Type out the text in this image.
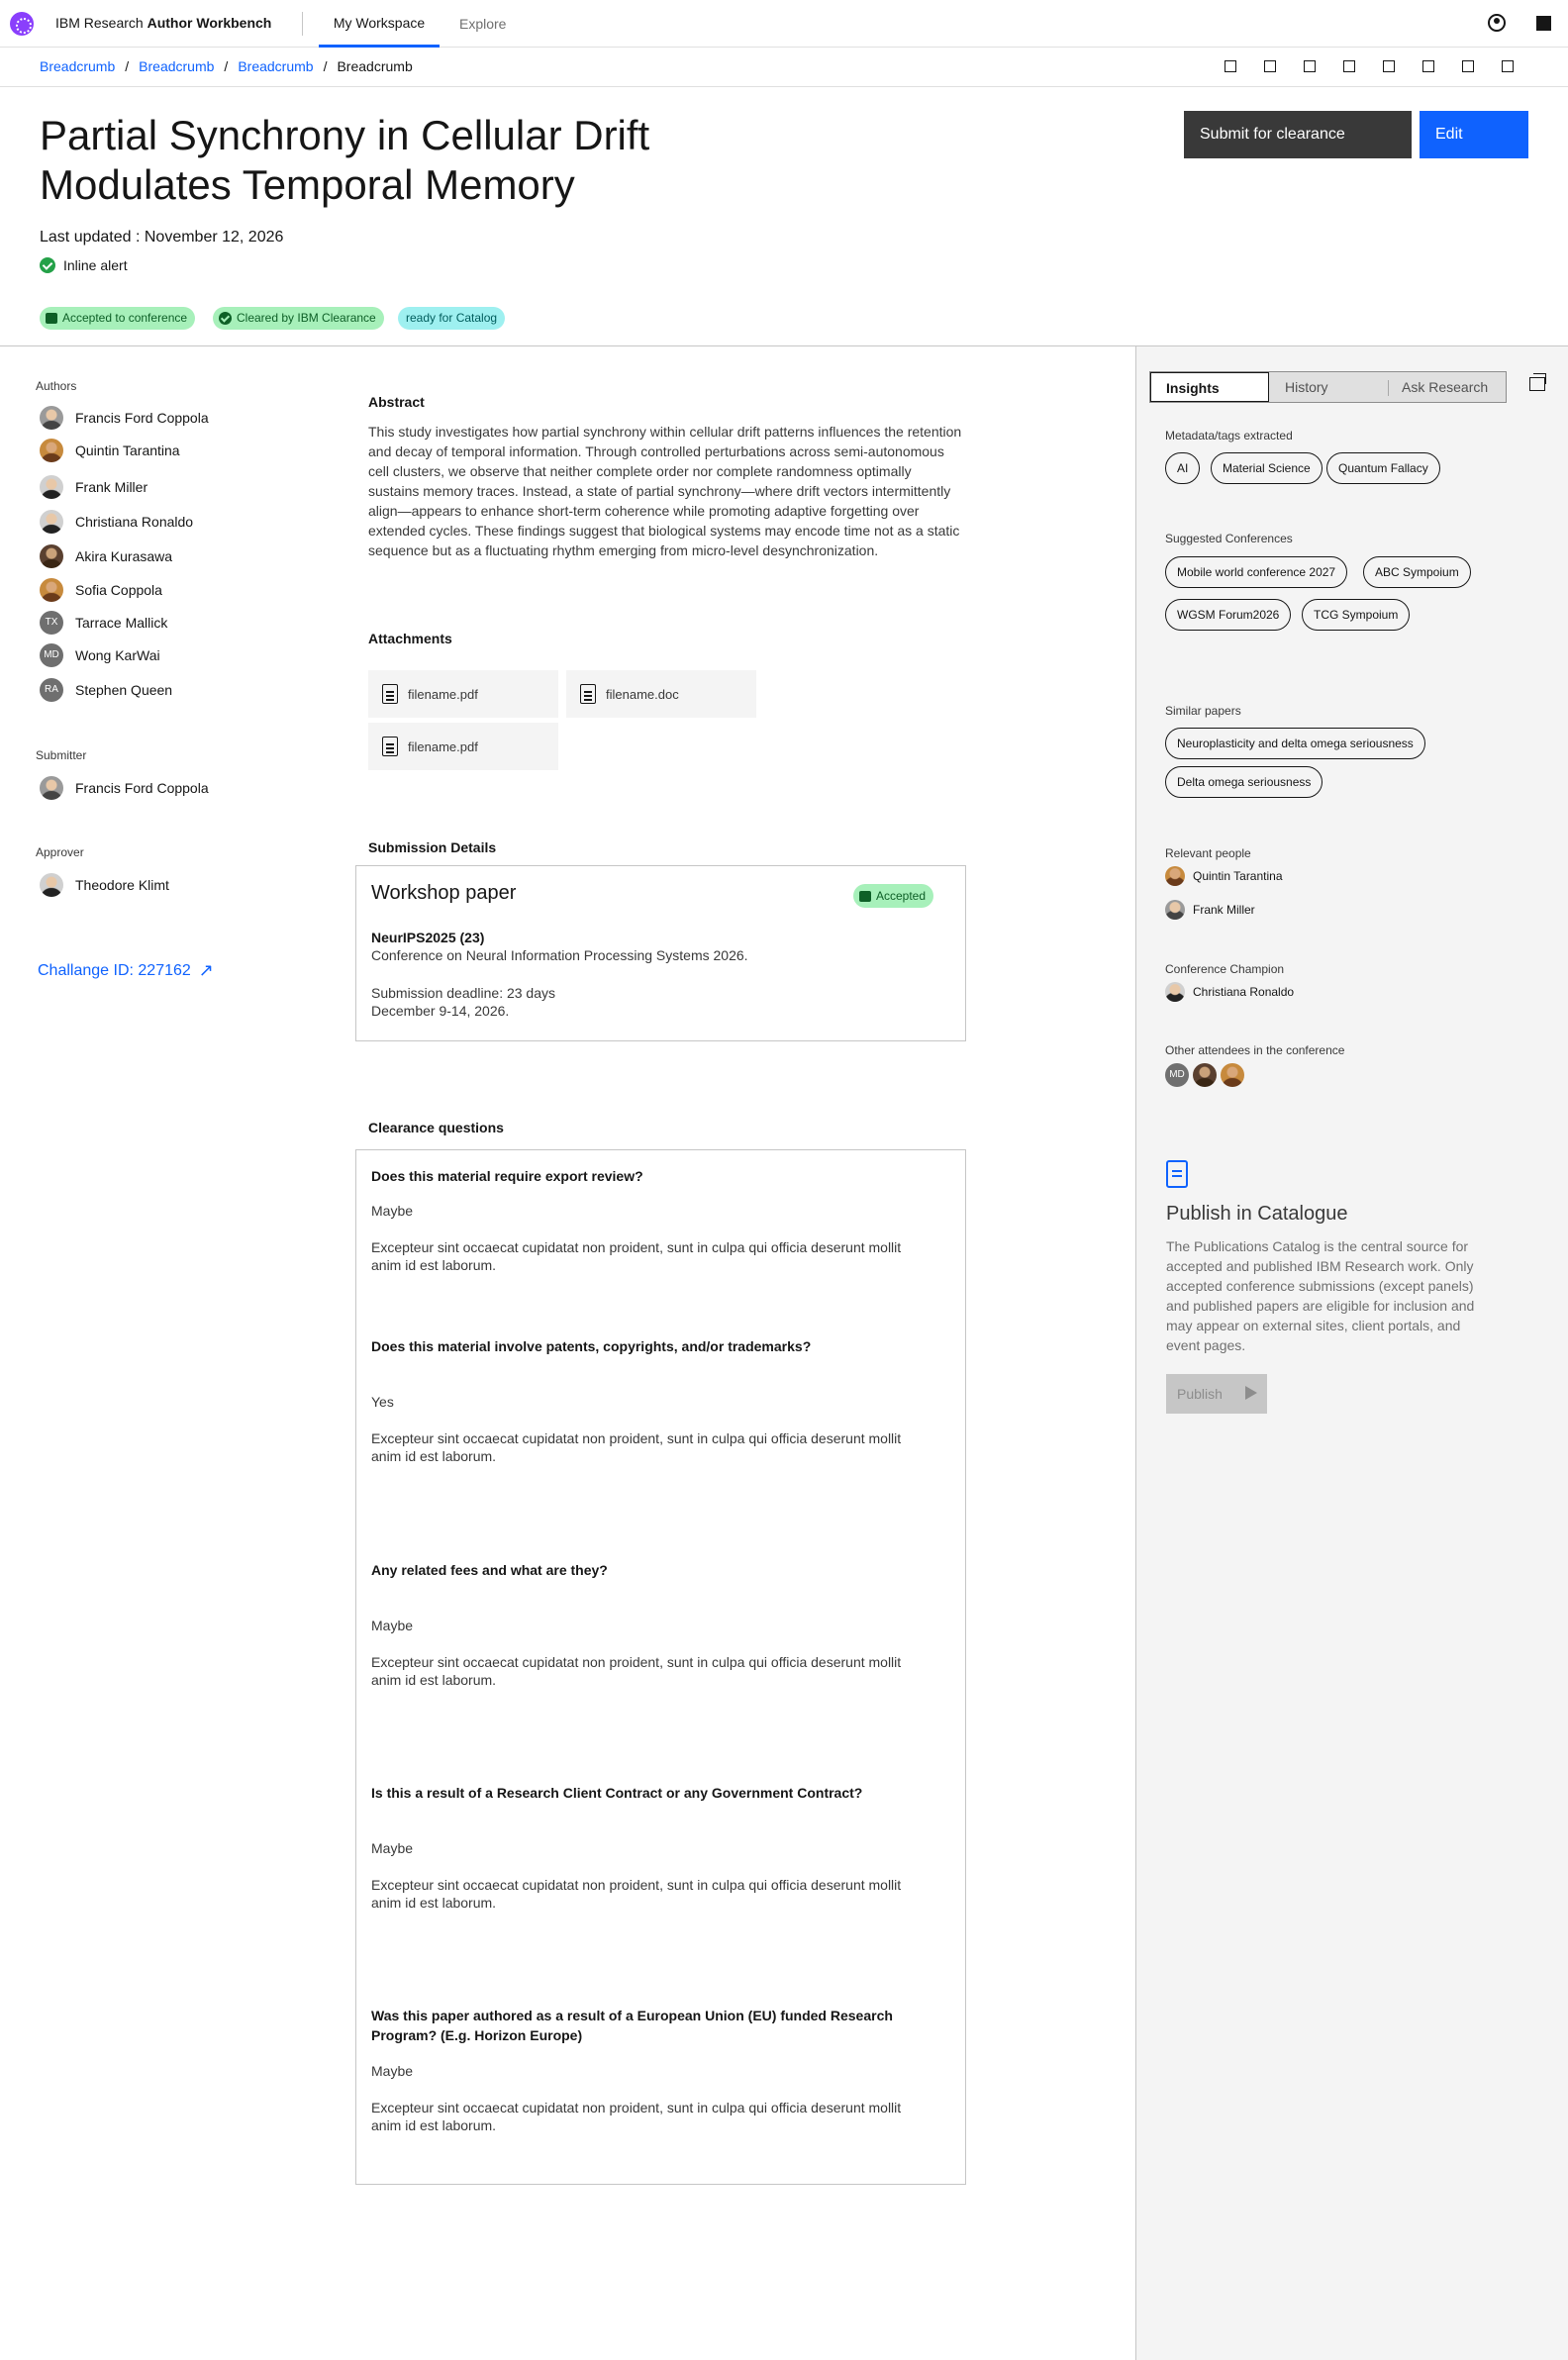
IBM Research Author Workbench	My Workspace	Explore
Breadcrumb / Breadcrumb / Breadcrumb / Breadcrumb
Partial Synchrony in Cellular Drift Modulates Temporal Memory
Last updated : November 12, 2026
Inline alert
Accepted to conference	Cleared by IBM Clearance	ready for Catalog
Submit for clearance	Edit
Authors
Francis Ford Coppola
Quintin Tarantina
Frank Miller
Christiana Ronaldo
Akira Kurasawa
Sofia Coppola
TX	Tarrace Mallick
MD	Wong KarWai
RA	Stephen Queen
Submitter
Francis Ford Coppola
Approver
Theodore Klimt
Challange ID: 227162 ↗
Abstract

This study investigates how partial synchrony within cellular drift patterns influences the retention and decay of temporal information. Through controlled perturbations across semi-autonomous cell clusters, we observe that neither complete order nor complete randomness optimally sustains memory traces. Instead, a state of partial synchrony—where drift vectors intermittently align—appears to enhance short-term coherence while promoting adaptive forgetting over extended cycles. These findings suggest that biological systems may encode time not as a static sequence but as a fluctuating rhythm emerging from micro-level desynchronization.

Attachments
filename.pdf	filename.doc
filename.pdf
Submission Details
Workshop paper	Accepted
NeurIPS2025 (23)
Conference on Neural Information Processing Systems 2026.
Submission deadline: 23 days
December 9-14, 2026.
Clearance questions
Does this material require export review?
Maybe
Excepteur sint occaecat cupidatat non proident, sunt in culpa qui officia deserunt mollit anim id est laborum.
Does this material involve patents, copyrights, and/or trademarks?
Yes
Excepteur sint occaecat cupidatat non proident, sunt in culpa qui officia deserunt mollit anim id est laborum.
Any related fees and what are they?
Maybe
Excepteur sint occaecat cupidatat non proident, sunt in culpa qui officia deserunt mollit anim id est laborum.
Is this a result of a Research Client Contract or any Government Contract?
Maybe
Excepteur sint occaecat cupidatat non proident, sunt in culpa qui officia deserunt mollit anim id est laborum.
Was this paper authored as a result of a European Union (EU) funded Research Program? (E.g. Horizon Europe)
Maybe
Excepteur sint occaecat cupidatat non proident, sunt in culpa qui officia deserunt mollit anim id est laborum.
Insights	History	Ask Research
Metadata/tags extracted
AI	Material Science	Quantum Fallacy
Suggested Conferences
Mobile world conference 2027	ABC Sympoium
WGSM Forum2026	TCG Sympoium
Similar papers
Neuroplasticity and delta omega seriousness
Delta omega seriousness
Relevant people
Quintin Tarantina
Frank Miller
Conference Champion
Christiana Ronaldo
Other attendees in the conference
MD
Publish in Catalogue

The Publications Catalog is the central source for accepted and published IBM Research work. Only accepted conference submissions (except panels) and published papers are eligible for inclusion and may appear on external sites, client portals, and event pages.

Publish
